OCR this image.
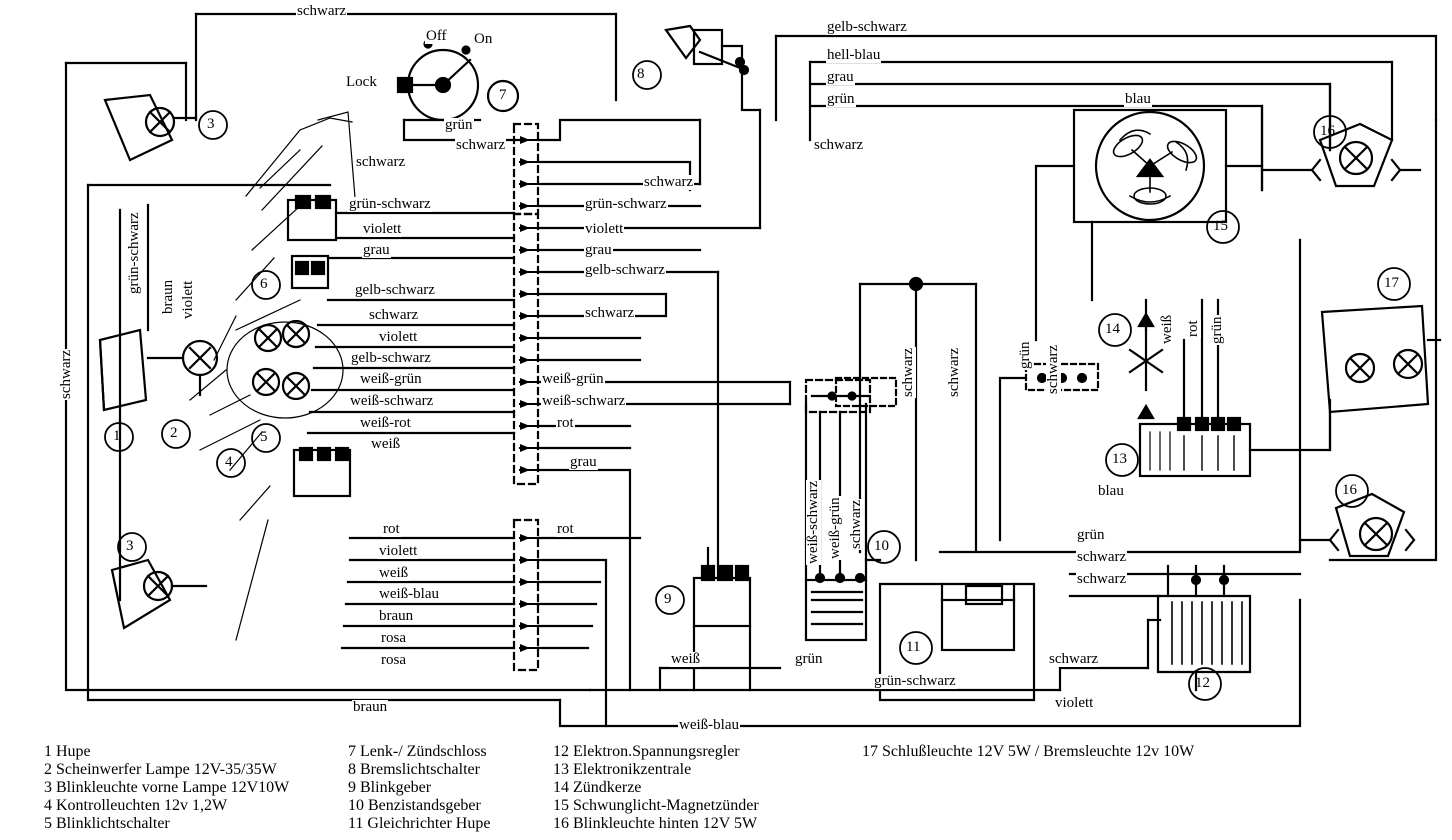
schwarz
gelb-schwarz
hell-blau
grau
grün	blau
Off On
Lock
grün
schwarz
schwarz
schwarz
schwarz
grün-schwarz	grün-schwarz
violett	violett
grau	grau
gelb-schwarz
gelb-schwarz
schwarz	schwarz
violett
gelb-schwarz
weiß-grün	weiß-grün
weiß-schwarz	weiß-schwarz
weiß-rot	rot
weiß
grau
rot	rot
violett
weiß
weiß-blau
braun
rosa
rosa	weiß	grün
grün-schwarz
schwarz
grün
schwarz
schwarz
violett
braun
weiß-blau
blau
schwarz
grün-schwarz
braun violett
weiß-schwarz weiß-grün schwarz
schwarz schwarz	grün schwarz
weiß rot grün
1	2
3
3
4
5
6
7
8
9
10
11
12
13
14
15
16
16
17
1 Hupe
2 Scheinwerfer Lampe 12V-35/35W
3 Blinkleuchte vorne Lampe 12V10W
4 Kontrolleuchten 12v 1,2W
5 Blinklichtschalter
7 Lenk-/ Zündschloss
8 Bremslichtschalter
9 Blinkgeber
10 Benzistandsgeber
11 Gleichrichter Hupe
12 Elektron.Spannungsregler
13 Elektronikzentrale
14 Zündkerze
15 Schwunglicht-Magnetzünder
16 Blinkleuchte hinten 12V 5W
17 Schlußleuchte 12V 5W / Bremsleuchte 12v 10W
